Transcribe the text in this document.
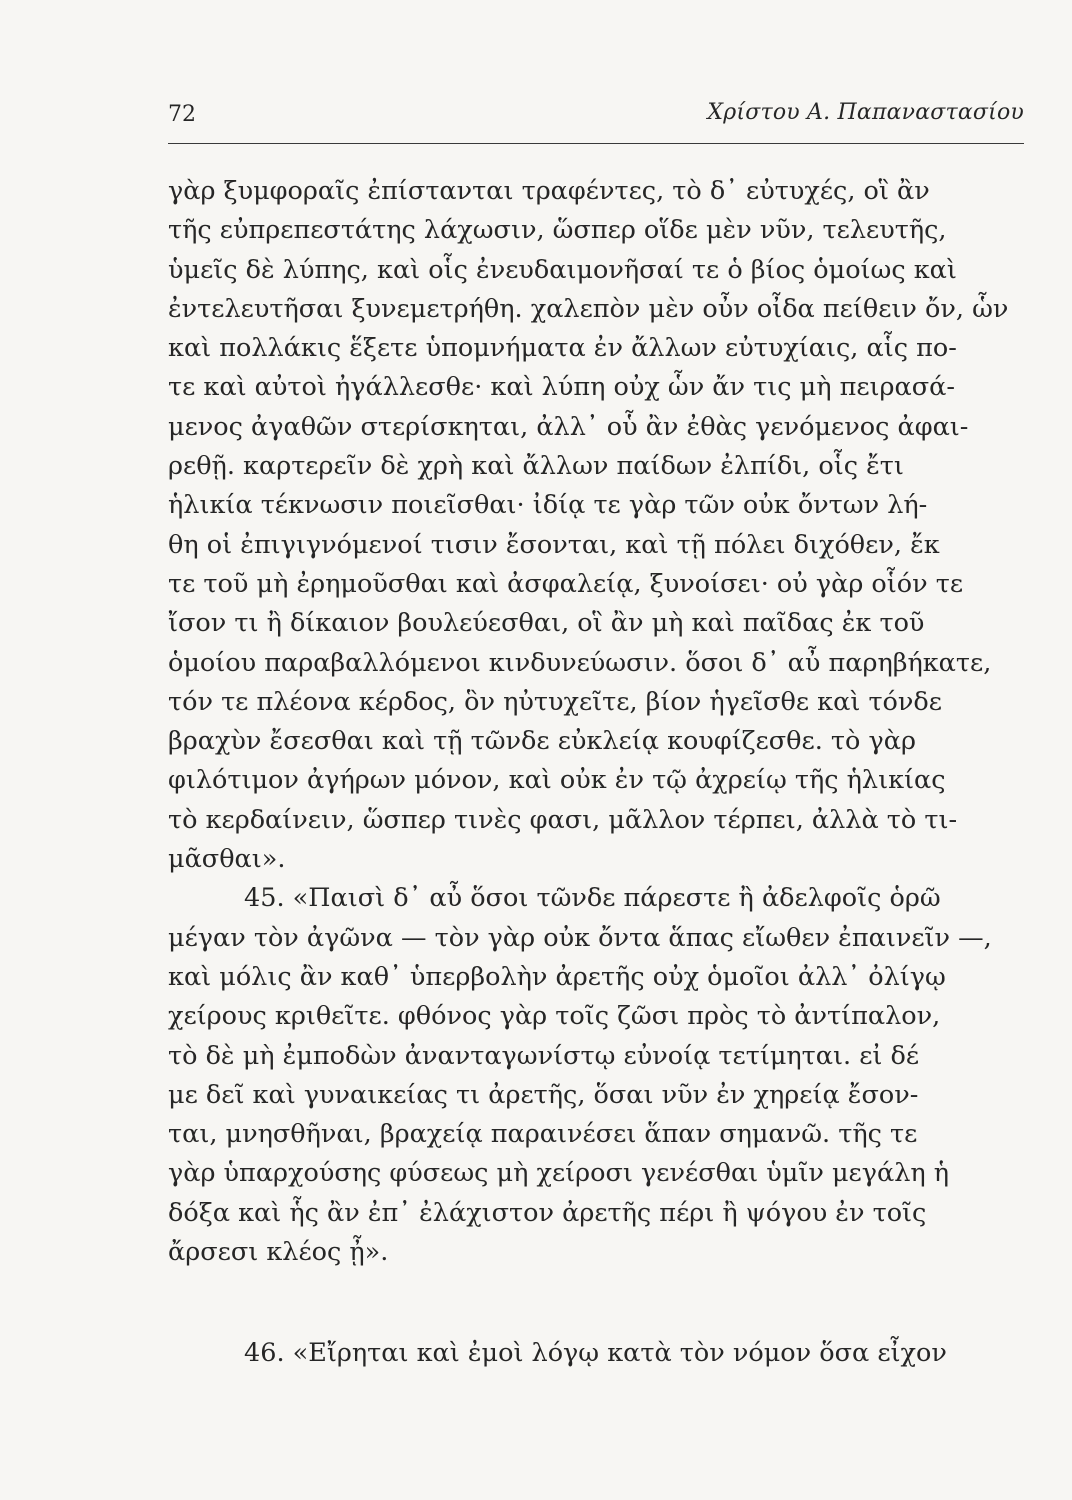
72	Χρίστου Α. Παπαναστασίου
γὰρ ξυμφοραῖς ἐπίστανται τραφέντες, τὸ δ᾽ εὐτυχές, οἳ ἂν
τῆς εὐπρεπεστάτης λάχωσιν, ὥσπερ οἵδε μὲν νῦν, τελευτῆς,
ὑμεῖς δὲ λύπης, καὶ οἷς ἐνευδαιμονῆσαί τε ὁ βίος ὁμοίως καὶ
ἐντελευτῆσαι ξυνεμετρήθη. χαλεπὸν μὲν οὖν οἶδα πείθειν ὄν, ὧν
καὶ πολλάκις ἕξετε ὑπομνήματα ἐν ἄλλων εὐτυχίαις, αἷς πο-
τε καὶ αὐτοὶ ἠγάλλεσθε· καὶ λύπη οὐχ ὧν ἄν τις μὴ πειρασά-
μενος ἀγαθῶν στερίσκηται, ἀλλ᾽ οὗ ἂν ἐθὰς γενόμενος ἀφαι-
ρεθῇ. καρτερεῖν δὲ χρὴ καὶ ἄλλων παίδων ἐλπίδι, οἷς ἔτι
ἡλικία τέκνωσιν ποιεῖσθαι· ἰδίᾳ τε γὰρ τῶν οὐκ ὄντων λή-
θη οἱ ἐπιγιγνόμενοί τισιν ἔσονται, καὶ τῇ πόλει διχόθεν, ἔκ
τε τοῦ μὴ ἐρημοῦσθαι καὶ ἀσφαλείᾳ, ξυνοίσει· οὐ γὰρ οἷόν τε
ἴσον τι ἢ δίκαιον βουλεύεσθαι, οἳ ἂν μὴ καὶ παῖδας ἐκ τοῦ
ὁμοίου παραβαλλόμενοι κινδυνεύωσιν. ὅσοι δ᾽ αὖ παρηβήκατε,
τόν τε πλέονα κέρδος, ὃν ηὐτυχεῖτε, βίον ἡγεῖσθε καὶ τόνδε
βραχὺν ἔσεσθαι καὶ τῇ τῶνδε εὐκλείᾳ κουφίζεσθε. τὸ γὰρ
φιλότιμον ἀγήρων μόνον, καὶ οὐκ ἐν τῷ ἀχρείῳ τῆς ἡλικίας
τὸ κερδαίνειν, ὥσπερ τινὲς φασι, μᾶλλον τέρπει, ἀλλὰ τὸ τι-
μᾶσθαι».
45. «Παισὶ δ᾽ αὖ ὅσοι τῶνδε πάρεστε ἢ ἀδελφοῖς ὁρῶ
μέγαν τὸν ἀγῶνα — τὸν γὰρ οὐκ ὄντα ἅπας εἴωθεν ἐπαινεῖν —,
καὶ μόλις ἂν καθ᾽ ὑπερβολὴν ἀρετῆς οὐχ ὁμοῖοι ἀλλ᾽ ὀλίγῳ
χείρους κριθεῖτε. φθόνος γὰρ τοῖς ζῶσι πρὸς τὸ ἀντίπαλον,
τὸ δὲ μὴ ἐμποδὼν ἀνανταγωνίστῳ εὐνοίᾳ τετίμηται. εἰ δέ
με δεῖ καὶ γυναικείας τι ἀρετῆς, ὅσαι νῦν ἐν χηρείᾳ ἔσον-
ται, μνησθῆναι, βραχείᾳ παραινέσει ἅπαν σημανῶ. τῆς τε
γὰρ ὑπαρχούσης φύσεως μὴ χείροσι γενέσθαι ὑμῖν μεγάλη ἡ
δόξα καὶ ἧς ἂν ἐπ᾽ ἐλάχιστον ἀρετῆς πέρι ἢ ψόγου ἐν τοῖς
ἄρσεσι κλέος ᾖ».
46. «Εἴρηται καὶ ἐμοὶ λόγῳ κατὰ τὸν νόμον ὅσα εἶχον
